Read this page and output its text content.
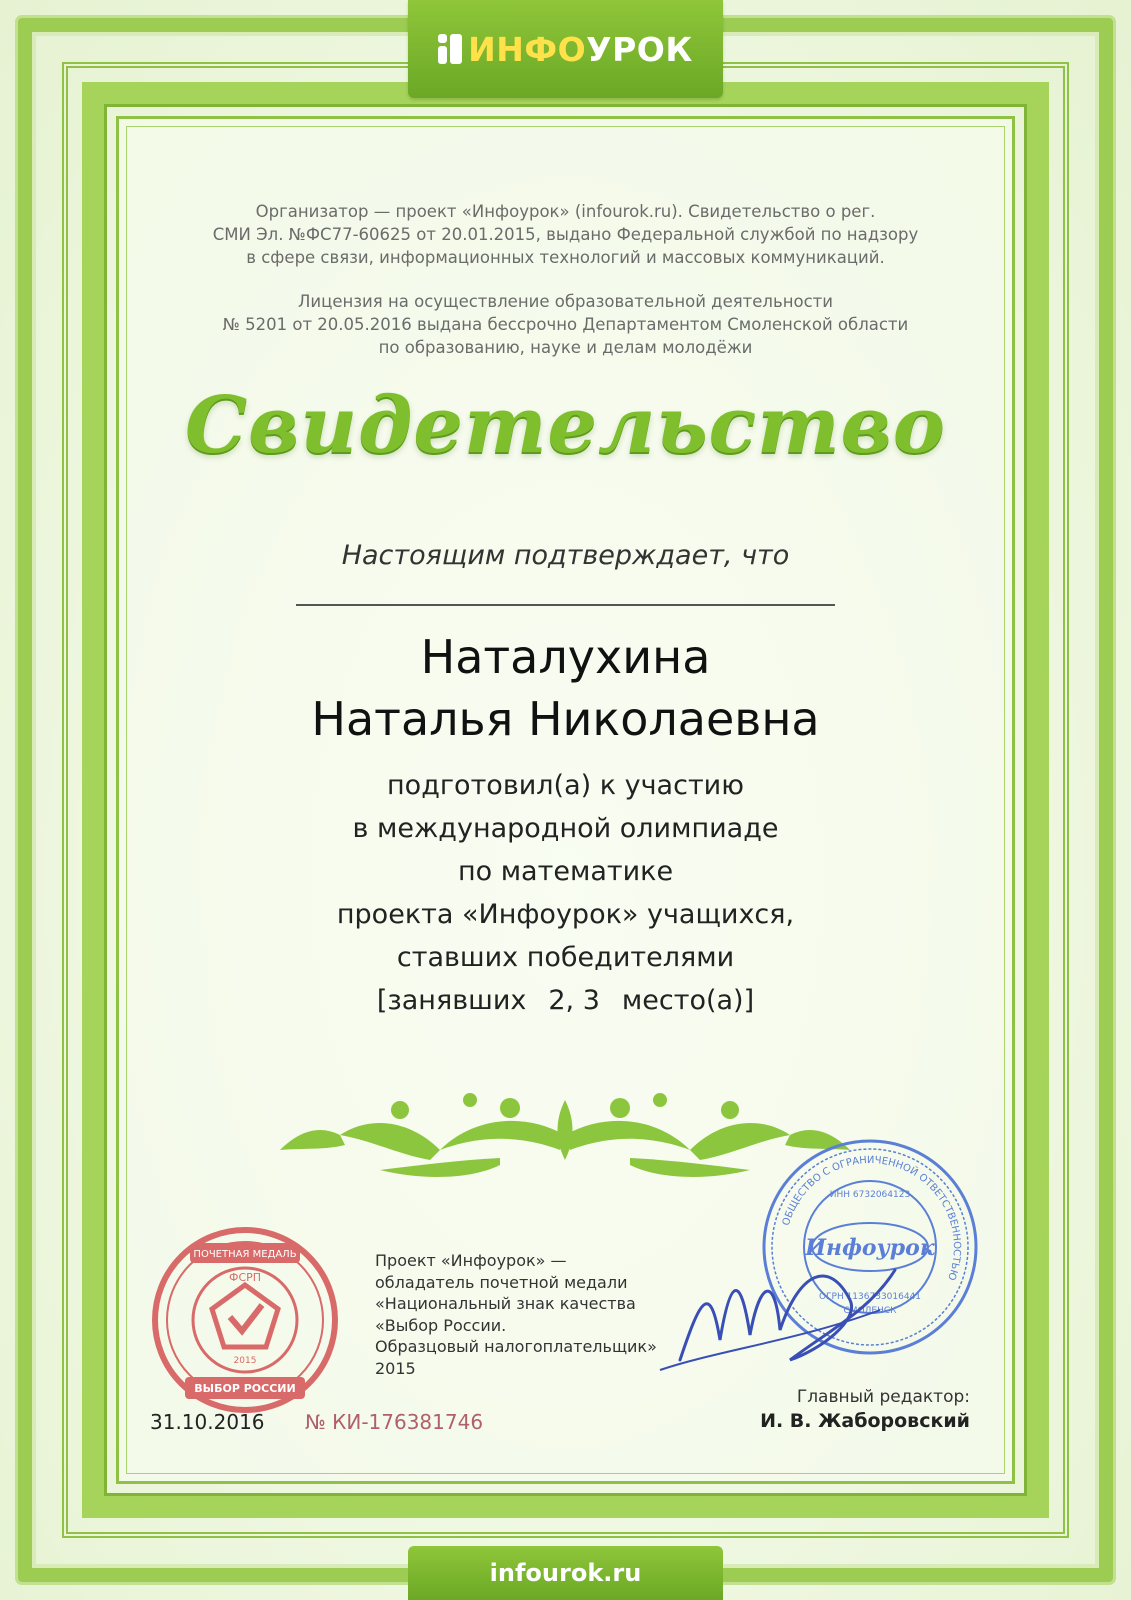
ИНФОУРОК
Организатор — проект «Инфоурок» (infourok.ru). Свидетельство о рег.
СМИ Эл. №ФС77-60625 от 20.01.2015, выдано Федеральной службой по надзору
в сфере связи, информационных технологий и массовых коммуникаций.
Лицензия на осуществление образовательной деятельности
№ 5201 от 20.05.2016 выдана бессрочно Департаментом Смоленской области
по образованию, науке и делам молодёжи
Свидетельство
Настоящим подтверждает, что
Наталухина
Наталья Николаевна
подготовил(а) к участию
в международной олимпиаде
по математике
проекта «Инфоурок» учащихся,
ставших победителями
[занявших 2, 3 место(а)]
ПОЧЕТНАЯ МЕДАЛЬ
ФСРП
2015
ВЫБОР РОССИИ
Проект «Инфоурок» —
обладатель почетной медали
«Национальный знак качества
«Выбор России.
Образцовый налогоплательщик»
2015
Инфоурок
ИНН 6732064123
ОГРН 1136733016441
СМОЛЕНСК
ОБЩЕСТВО С ОГРАНИЧЕННОЙ ОТВЕТСТВЕННОСТЬЮ
Главный редактор:
И. В. Жаборовский
31.10.2016 № КИ-176381746
infourok.ru
